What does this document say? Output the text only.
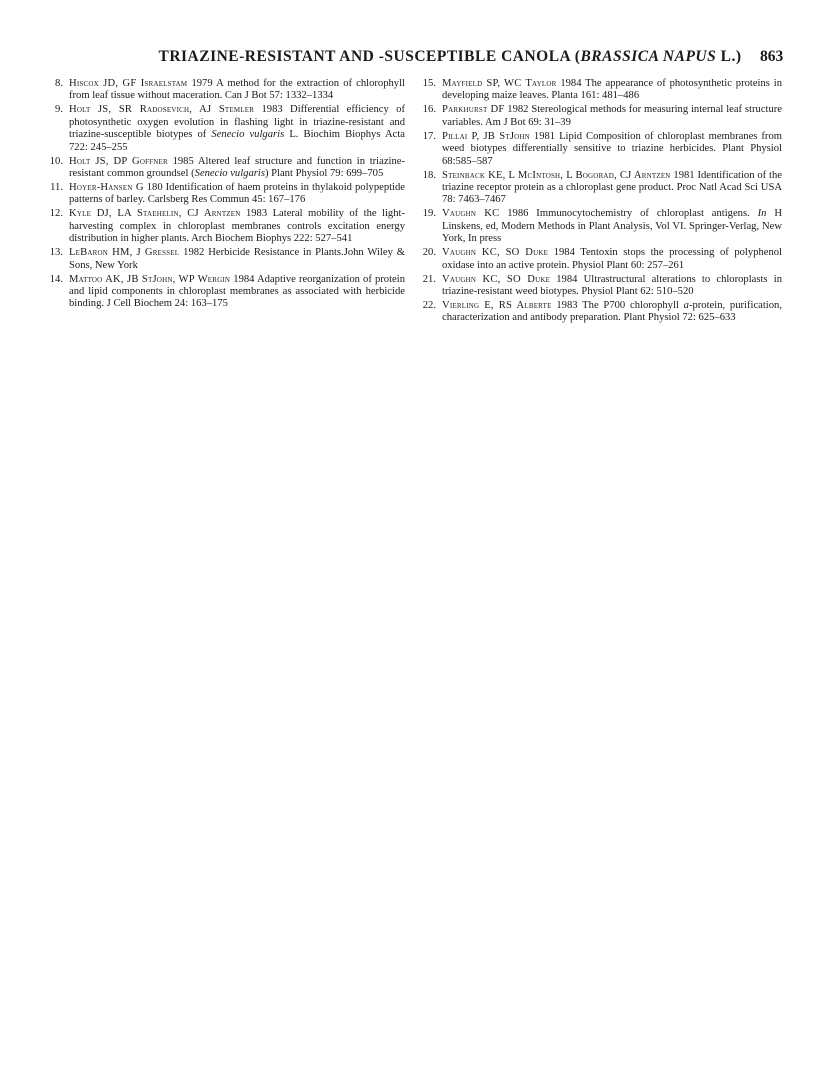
TRIAZINE-RESISTANT AND -SUSCEPTIBLE CANOLA (BRASSICA NAPUS L.)	863
8. Hiscox JD, GF Israelstam 1979 A method for the extraction of chlorophyll from leaf tissue without maceration. Can J Bot 57: 1332–1334
9. Holt JS, SR Radosevich, AJ Stemler 1983 Differential efficiency of photosynthetic oxygen evolution in flashing light in triazine-resistant and triazine-susceptible biotypes of Senecio vulgaris L. Biochim Biophys Acta 722: 245–255
10. Holt JS, DP Goffner 1985 Altered leaf structure and function in triazine-resistant common groundsel (Senecio vulgaris) Plant Physiol 79: 699–705
11. Hoyer-Hansen G 180 Identification of haem proteins in thylakoid polypeptide patterns of barley. Carlsberg Res Commun 45: 167–176
12. Kyle DJ, LA Staehelin, CJ Arntzen 1983 Lateral mobility of the light-harvesting complex in chloroplast membranes controls excitation energy distribution in higher plants. Arch Biochem Biophys 222: 527–541
13. LeBaron HM, J Gressel 1982 Herbicide Resistance in Plants.John Wiley & Sons, New York
14. Mattoo AK, JB StJohn, WP Wergin 1984 Adaptive reorganization of protein and lipid components in chloroplast membranes as associated with herbicide binding. J Cell Biochem 24: 163–175
15. Mayfield SP, WC Taylor 1984 The appearance of photosynthetic proteins in developing maize leaves. Planta 161: 481–486
16. Parkhurst DF 1982 Stereological methods for measuring internal leaf structure variables. Am J Bot 69: 31–39
17. Pillai P, JB StJohn 1981 Lipid Composition of chloroplast membranes from weed biotypes differentially sensitive to triazine herbicides. Plant Physiol 68:585–587
18. Steinback KE, L McIntosh, L Bogorad, CJ Arntzen 1981 Identification of the triazine receptor protein as a chloroplast gene product. Proc Natl Acad Sci USA 78: 7463–7467
19. Vaughn KC 1986 Immunocytochemistry of chloroplast antigens. In H Linskens, ed, Modern Methods in Plant Analysis, Vol VI. Springer-Verlag, New York, In press
20. Vaughn KC, SO Duke 1984 Tentoxin stops the processing of polyphenol oxidase into an active protein. Physiol Plant 60: 257–261
21. Vaughn KC, SO Duke 1984 Ultrastructural alterations to chloroplasts in triazine-resistant weed biotypes. Physiol Plant 62: 510–520
22. Vierling E, RS Alberte 1983 The P700 chlorophyll a-protein, purification, characterization and antibody preparation. Plant Physiol 72: 625–633
